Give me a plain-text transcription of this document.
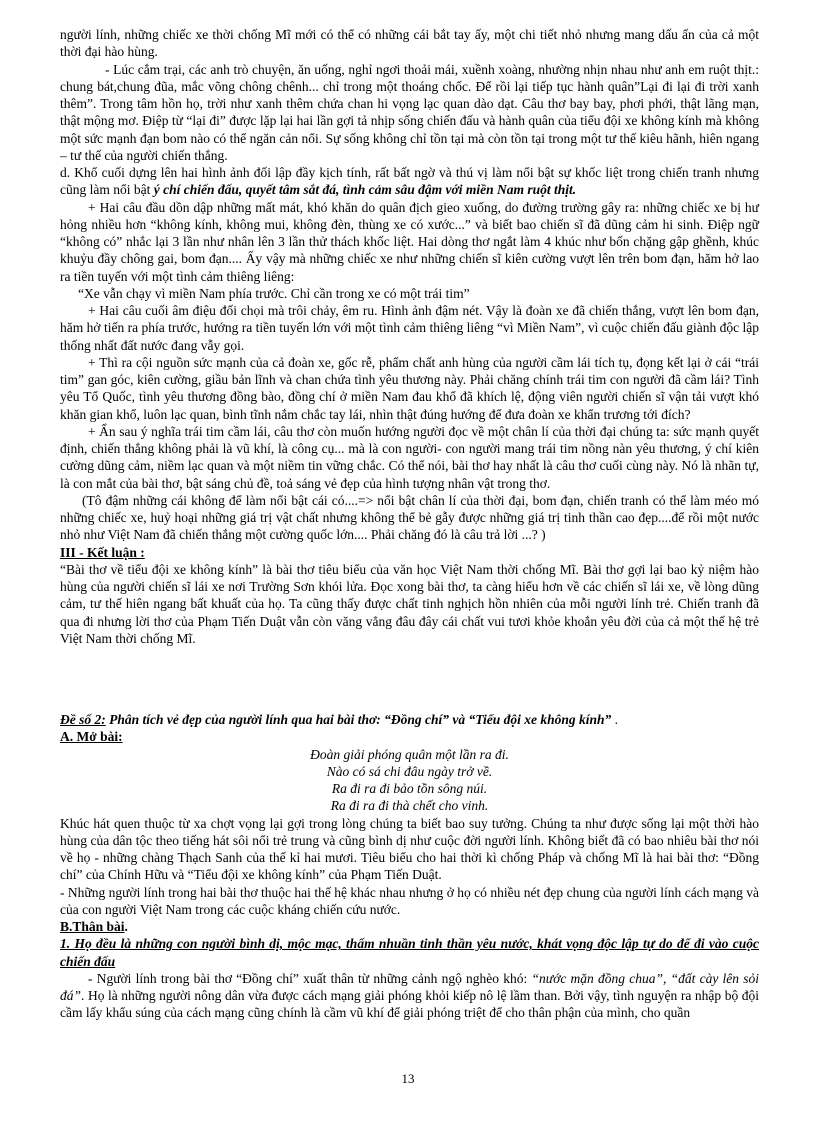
người lính, những chiếc xe thời chống Mĩ mới có thể có những cái bắt tay ấy, một chi tiết nhỏ nhưng mang dấu ấn của cả một thời đại hào hùng.

- Lúc cắm trại, các anh trò chuyện, ăn uống, nghỉ ngơi thoải mái, xuềnh xoàng, nhường nhịn nhau như anh em ruột thịt.: chung bát,chung đũa, mắc võng chông chênh... chỉ trong một thoáng chốc. Để rồi lại tiếp tục hành quân”Lại đi lại đi trời xanh thêm”. Trong tâm hồn họ, trời như xanh thêm chứa chan hi vọng lạc quan dào dạt. Câu thơ bay bay, phơi phới, thật lãng mạn, thật mộng mơ. Điệp từ “lại đi” được lặp lại hai lần gợi tả nhịp sống chiến đấu và hành quân của tiểu đội xe không kính mà không một sức mạnh đạn bom nào có thể ngăn cản nổi. Sự sống không chỉ tồn tại mà còn tồn tại trong một tư thế kiêu hãnh, hiên ngang – tư thế của người chiến thắng.

d. Khổ cuối dựng lên hai hình ảnh đối lập đầy kịch tính, rất bất ngờ và thú vị làm nổi bật sự khốc liệt trong chiến tranh nhưng cũng làm nổi bật ý chí chiến đấu, quyết tâm sắt đá, tình cảm sâu đậm với miền Nam ruột thịt.

+ Hai câu đầu dồn dập những mất mát, khó khăn do quân địch gieo xuống, do đường trường gây ra: những chiếc xe bị hư hỏng nhiều hơn “không kính, không mui, không đèn, thùng xe có xước...” và biết bao chiến sĩ đã dũng cảm hi sinh. Điệp ngữ “không có” nhắc lại 3 lần như nhân lên 3 lần thử thách khốc liệt. Hai dòng thơ ngắt làm 4 khúc như bốn chặng gập ghềnh, khúc khuỷu đầy chông gai, bom đạn.... Ấy vậy mà những chiếc xe như những chiến sĩ kiên cường vượt lên trên bom đạn, hăm hở lao ra tiền tuyến với một tình cảm thiêng liêng:

“Xe vẫn chạy vì miền Nam phía trước. Chỉ cần trong xe có một trái tim”

+ Hai câu cuối âm điệu đối chọi mà trôi chảy, êm ru. Hình ảnh đậm nét. Vậy là đoàn xe đã chiến thắng, vượt lên bom đạn, hăm hở tiến ra phía trước, hướng ra tiền tuyến lớn với một tình cảm thiêng liêng “vì Miền Nam”, vì cuộc chiến đấu giành độc lập thống nhất đất nước đang vẫy gọi.

+ Thì ra cội nguồn sức mạnh của cả đoàn xe, gốc rễ, phẩm chất anh hùng của người cầm lái tích tụ, đọng kết lại ở cái “trái tim” gan góc, kiên cường, giầu bản lĩnh và chan chứa tình yêu thương này. Phải chăng chính trái tim con người đã cầm lái? Tình yêu Tổ Quốc, tình yêu thương đồng bào, đồng chí ở miền Nam đau khổ đã khích lệ, động viên người chiến sĩ vận tải vượt khó khăn gian khổ, luôn lạc quan, bình tĩnh nắm chắc tay lái, nhìn thật đúng hướng để đưa đoàn xe khẩn trương tới đích?

+ Ẩn sau ý nghĩa trái tim cầm lái, câu thơ còn muốn hướng người đọc về một chân lí của thời đại chúng ta: sức mạnh quyết định, chiến thắng không phải là vũ khí, là công cụ... mà là con người- con người mang trái tim nồng nàn yêu thương, ý chí kiên cường dũng cảm, niềm lạc quan và một niềm tin vững chắc. Có thể nói, bài thơ hay nhất là câu thơ cuối cùng này. Nó là nhãn tự, là con mắt của bài thơ, bật sáng chủ đề, toả sáng vẻ đẹp của hình tượng nhân vật trong thơ.

(Tô đậm những cái không để làm nổi bật cái có....=> nổi bật chân lí của thời đại, bom đạn, chiến tranh có thể làm méo mó những chiếc xe, huỷ hoại những giá trị vật chất nhưng không thể bẻ gẫy được những giá trị tinh thần cao đẹp....để rồi một nước nhỏ như Việt Nam đã chiến thắng một cường quốc lớn.... Phải chăng đó là câu trả lời ...? )

III - Kết luận :

“Bài thơ về tiểu đội xe không kính” là bài thơ tiêu biểu của văn học Việt Nam thời chống Mĩ. Bài thơ gợi lại bao kỷ niệm hào hùng của người chiến sĩ lái xe nơi Trường Sơn khói lửa. Đọc xong bài thơ, ta càng hiểu hơn về các chiến sĩ lái xe, về lòng dũng cảm, tư thế hiên ngang bất khuất của họ. Ta cũng thấy được chất tinh nghịch hồn nhiên của mỗi người lính trẻ. Chiến tranh đã qua đi nhưng lời thơ của Phạm Tiến Duật vẫn còn văng vẳng đâu đây cái chất vui tươi khỏe khoắn yêu đời của cả một thế hệ trẻ Việt Nam thời chống Mĩ.

Đề số 2: Phân tích vẻ đẹp của người lính qua hai bài thơ: “Đồng chí” và “Tiểu đội xe không kính” .

A. Mở bài:

Đoàn giải phóng quân một lần ra đi.

Nào có sá chi đâu ngày trở về.

Ra đi ra đi bảo tồn sông núi.

Ra đi ra đi thà chết cho vinh.

Khúc hát quen thuộc từ xa chợt vọng lại gợi trong lòng chúng ta biết bao suy tưởng. Chúng ta như được sống lại một thời hào hùng của dân tộc theo tiếng hát sôi nổi trẻ trung và cũng bình dị như cuộc đời người lính. Không biết đã có bao nhiêu bài thơ nói về họ - những chàng Thạch Sanh của thế kỉ hai mươi. Tiêu biểu cho hai thời kì chống Pháp và chống Mĩ là hai bài thơ: “Đồng chí” của Chính Hữu và “Tiểu đội xe không kính” của Phạm Tiến Duật.

- Những người lính trong hai bài thơ thuộc hai thế hệ khác nhau nhưng ở họ có nhiều nét đẹp chung của người lính cách mạng và của con người Việt Nam trong các cuộc kháng chiến cứu nước.

B.Thân bài.

1. Họ đều là những con người bình dị, mộc mạc, thấm nhuần tinh thần yêu nước, khát vọng độc lập tự do để đi vào cuộc chiến đấu

- Người lính trong bài thơ “Đồng chí” xuất thân từ những cảnh ngộ nghèo khó: “nước mặn đồng chua”, “đất cày lên sỏi đá”. Họ là những người nông dân vừa được cách mạng giải phóng khỏi kiếp nô lệ lầm than. Bởi vậy, tình nguyện ra nhập bộ đội cầm lấy khẩu súng của cách mạng cũng chính là cầm vũ khí để giải phóng triệt để cho thân phận của mình, cho quần

13
